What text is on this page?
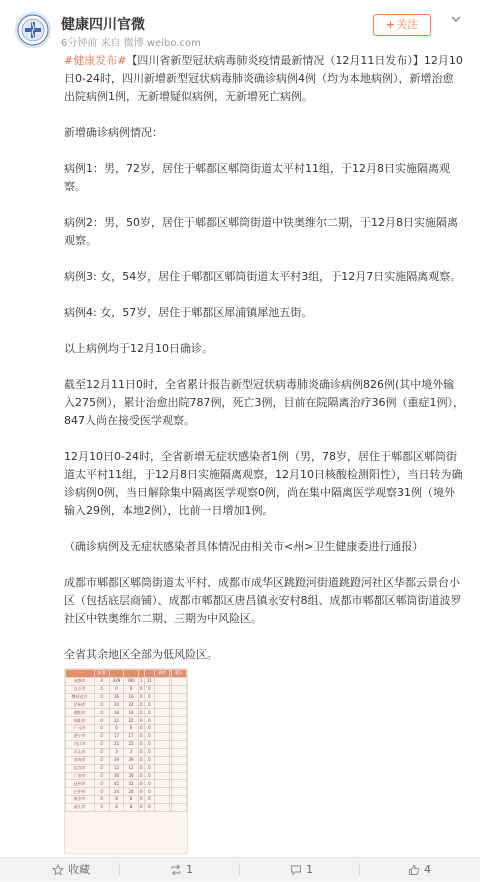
健康四川官微
6分钟前 来自 微博 weibo.com
+关注

#健康发布#【四川省新型冠状病毒肺炎疫情最新情况（12月11日发布）】12月10日0-24时，四川新增新型冠状病毒肺炎确诊病例4例（均为本地病例），新增治愈出院病例1例，无新增疑似病例，无新增死亡病例。

新增确诊病例情况：

病例1：男，72岁，居住于郫都区郫筒街道太平村11组，于12月8日实施隔离观察。

病例2：男，50岁，居住于郫都区郫筒街道中铁奥维尔二期，于12月8日实施隔离观察。

病例3: 女，54岁，居住于郫都区郫筒街道太平村3组，于12月7日实施隔离观察。

病例4: 女，57岁，居住于郫都区犀浦镇犀池五街。

以上病例均于12月10日确诊。

截至12月11日0时，全省累计报告新型冠状病毒肺炎确诊病例826例(其中境外输入275例），累计治愈出院787例，死亡3例，目前在院隔离治疗36例（重症1例），847人尚在接受医学观察。

12月10日0-24时，全省新增无症状感染者1例（男，78岁，居住于郫都区郫筒街道太平村11组，于12月8日实施隔离观察，12月10日核酸检测阳性），当日转为确诊病例0例，当日解除集中隔离医学观察0例，尚在集中隔离医学观察31例（境外输入29例，本地2例），比前一日增加1例。

（确诊病例及无症状感染者具体情况由相关市<州>卫生健康委进行通报）

成都市郫都区郫筒街道太平村、成都市成华区跳蹬河街道跳蹬河社区华都云景台小区（包括底层商铺）、成都市郫都区唐昌镇永安村8组、成都市郫都区郫筒街道波罗社区中铁奥维尔二期、三期为中风险区。

全省其余地区全部为低风险区。

	新增					新增		累计
成都市	4	429	390	1	31			
自贡市	0	0	0	0	0			
攀枝花市	0	16	16	0	0			
泸州市	0	24	24	0	0			
德阳市	0	18	18	0	0			
绵阳市	0	22	22	0	0			
广元市	0	6	6	0	0			
遂宁市	0	17	17	0	0			
内江市	0	22	22	0	0			
乐山市	0	3	3	0	0			
南充市	0	39	39	0	0			
宜宾市	0	12	12	0	0			
广安市	0	30	30	0	0			
达州市	0	42	42	0	0			
巴中市	0	24	24	0	0			
雅安市	0	8	8	0	0			
眉山市	0	8	8	0	0			
收藏	1	1	4
